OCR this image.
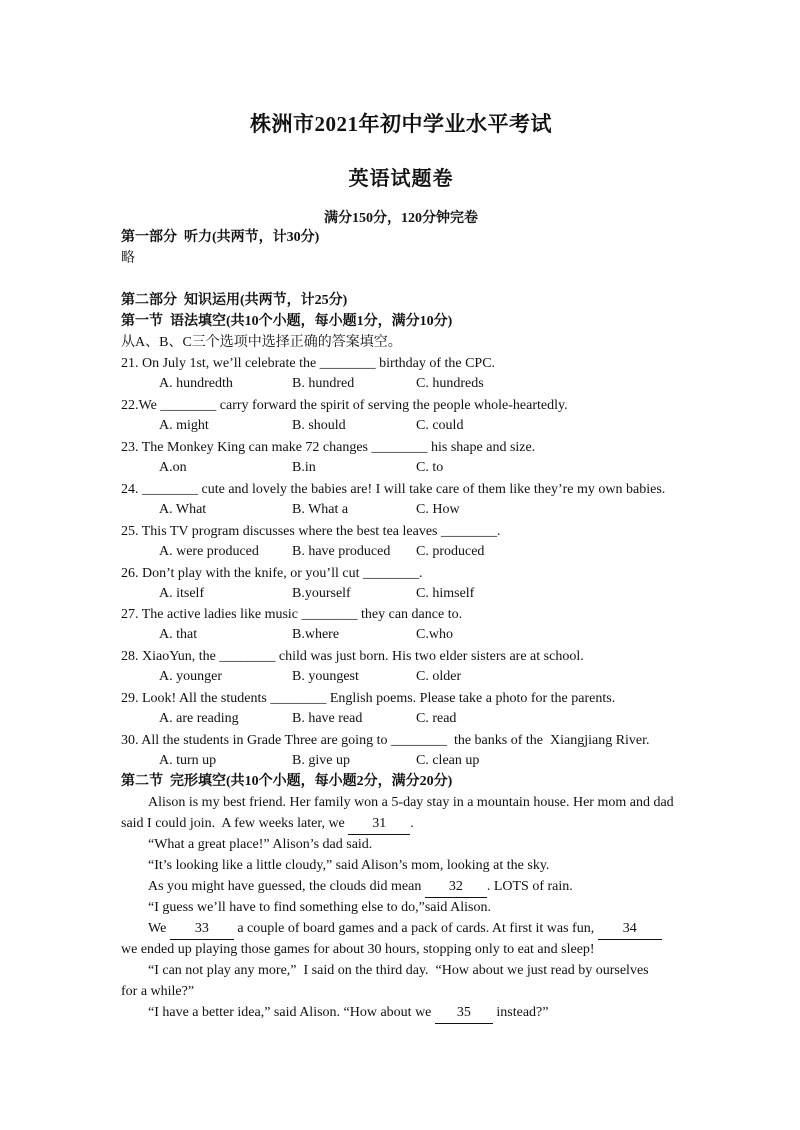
株洲市2021年初中学业水平考试
英语试题卷
满分150分，120分钟完卷
第一部分  听力(共两节，计30分)
略
第二部分  知识运用(共两节，计25分)
第一节  语法填空(共10个小题，每小题1分，满分10分)
从A、B、C三个选项中选择正确的答案填空。
21. On July 1st, we’ll celebrate the ________ birthday of the CPC.
A. hundredth	B. hundred	C. hundreds
22.We ________ carry forward the spirit of serving the people whole-heartedly.
A. might	B. should	C. could
23. The Monkey King can make 72 changes ________ his shape and size.
A.on	B.in	C. to
24. ________ cute and lovely the babies are! I will take care of them like they’re my own babies.
A. What	B. What a	C. How
25. This TV program discusses where the best tea leaves ________.
A. were produced B. have produced C. produced
26. Don’t play with the knife, or you’ll cut ________.
A. itself	B.yourself	C. himself
27. The active ladies like music ________ they can dance to.
A. that	B.where	C.who
28. XiaoYun, the ________ child was just born. His two elder sisters are at school.
A. younger	B. youngest	C. older
29. Look! All the students ________ English poems. Please take a photo for the parents.
A. are reading	B. have read	C. read
30. All the students in Grade Three are going to ________  the banks of the  Xiangjiang River.
A. turn up	B. give up	C. clean up
第二节  完形填空(共10个小题，每小题2分，满分20分)
Alison is my best friend. Her family won a 5-day stay in a mountain house. Her mom and dad
said I could join.  A few weeks later, we 31 .
“What a great place!” Alison’s dad said.
“It’s looking like a little cloudy,” said Alison’s mom, looking at the sky.
As you might have guessed, the clouds did mean 32 . LOTS of rain.
“I guess we’ll have to find something else to do,”said Alison.
We 33 a couple of board games and a pack of cards. At first it was fun, 34
we ended up playing those games for about 30 hours, stopping only to eat and sleep!
“I can not play any more,”  I said on the third day.  “How about we just read by ourselves
for a while?”
“I have a better idea,” said Alison. “How about we 35 instead?”
